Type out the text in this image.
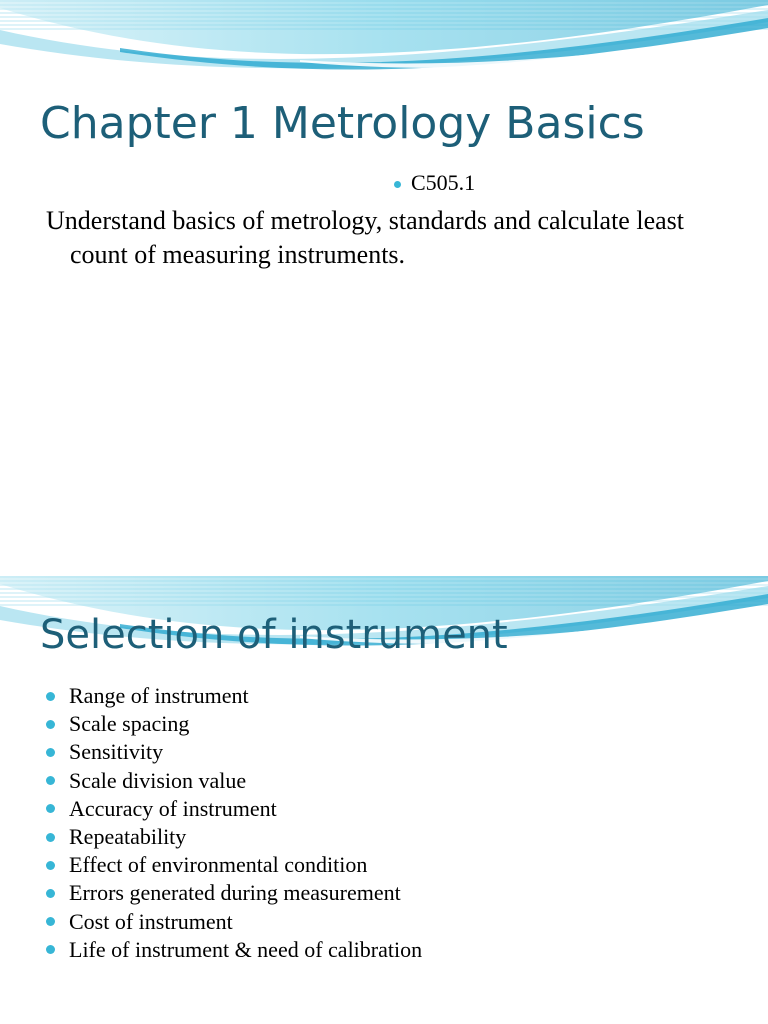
Chapter 1 Metrology Basics
C505.1
Understand basics of metrology, standards and calculate least count of measuring instruments.
Selection of instrument
Range of instrument
Scale spacing
Sensitivity
Scale division value
Accuracy of instrument
Repeatability
Effect of environmental condition
Errors generated during measurement
Cost of instrument
Life of instrument & need of calibration
